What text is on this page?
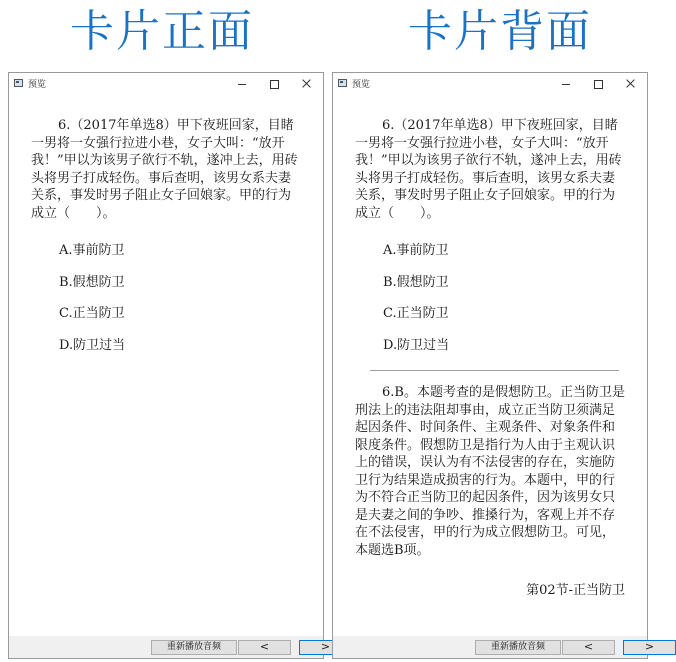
卡片正面	卡片背面
预览

6.（2017年单选8）甲下夜班回家，目睹一男将一女强行拉进小巷，女子大叫：“放开我！”甲以为该男子欲行不轨，遂冲上去，用砖头将男子打成轻伤。事后查明，该男女系夫妻关系，事发时男子阻止女子回娘家。甲的行为成立（　　）。

A.事前防卫
B.假想防卫
C.正当防卫
D.防卫过当
重新播放音频	<	>
预览

6.（2017年单选8）甲下夜班回家，目睹一男将一女强行拉进小巷，女子大叫：“放开我！”甲以为该男子欲行不轨，遂冲上去，用砖头将男子打成轻伤。事后查明，该男女系夫妻关系，事发时男子阻止女子回娘家。甲的行为成立（　　）。

A.事前防卫
B.假想防卫
C.正当防卫
D.防卫过当

6.B。本题考查的是假想防卫。正当防卫是刑法上的违法阻却事由，成立正当防卫须满足起因条件、时间条件、主观条件、对象条件和限度条件。假想防卫是指行为人由于主观认识上的错误，误认为有不法侵害的存在，实施防卫行为结果造成损害的行为。本题中，甲的行为不符合正当防卫的起因条件，因为该男女只是夫妻之间的争吵、推搡行为，客观上并不存在不法侵害，甲的行为成立假想防卫。可见，本题选B项。

第02节-正当防卫
重新播放音频	<	>
